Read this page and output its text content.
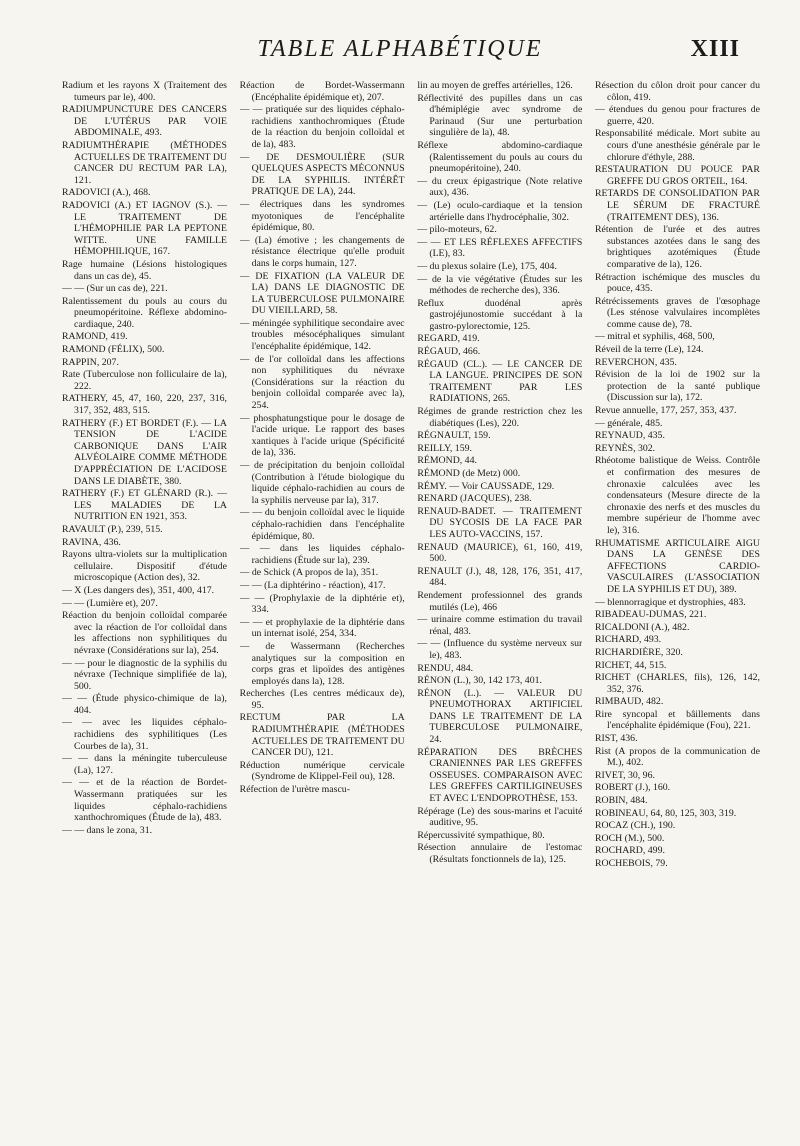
TABLE ALPHABÉTIQUE	XIII

Radium et les rayons X (Traitement des tumeurs par le), 400.

RADIUMPUNCTURE DES CANCERS DE L'UTÉRUS PAR VOIE ABDOMINALE, 493.

RADIUMTHÉRAPIE (MÉTHODES ACTUELLES DE TRAITEMENT DU CANCER DU RECTUM PAR LA), 121.

RADOVICI (A.), 468.

RADOVICI (A.) ET IAGNOV (S.). — LE TRAITEMENT DE L'HÉMOPHILIE PAR LA PEPTONE WITTE. UNE FAMILLE HÉMOPHILIQUE, 167.

Rage humaine (Lésions histologiques dans un cas de), 45.

— — (Sur un cas de), 221.

Ralentissement du pouls au cours du pneumopéritoine. Réflexe abdomino-cardiaque, 240.

RAMOND, 419.

RAMOND (FÉLIX), 500.

RAPPIN, 207.

Rate (Tuberculose non folliculaire de la), 222.

RATHERY, 45, 47, 160, 220, 237, 316, 317, 352, 483, 515.

RATHERY (F.) ET BORDET (F.). — LA TENSION DE L'ACIDE CARBONIQUE DANS L'AIR ALVÉOLAIRE COMME MÉTHODE D'APPRÉCIATION DE L'ACIDOSE DANS LE DIABÈTE, 380.

RATHERY (F.) ET GLÉNARD (R.). — LES MALADIES DE LA NUTRITION EN 1921, 353.

RAVAULT (P.), 239, 515.

RAVINA, 436.

Rayons ultra-violets sur la multiplication cellulaire. Dispositif d'étude microscopique (Action des), 32.

— X (Les dangers des), 351, 400, 417.

— — (Lumière et), 207.

Réaction du benjoin colloïdal comparée avec la réaction de l'or colloïdal dans les affections non syphilitiques du névraxe (Considérations sur la), 254.

— — pour le diagnostic de la syphilis du névraxe (Technique simplifiée de la), 500.

— — (Étude physico-chimique de la), 404.

— — avec les liquides céphalo-rachidiens des syphilitiques (Les Courbes de la), 31.

— — dans la méningite tuberculeuse (La), 127.

— — et de la réaction de Bordet-Wassermann pratiquées sur les liquides céphalo-rachidiens xanthochromiques (Étude de la), 483.

— — dans le zona, 31.

Réaction de Bordet-Wassermann (Encéphalite épidémique et), 207.

— — pratiquée sur des liquides céphalo-rachidiens xanthochromiques (Étude de la réaction du benjoin colloïdal et de la), 483.

— DE DESMOULIÈRE (SUR QUELQUES ASPECTS MÉCONNUS DE LA SYPHILIS. INTÉRÊT PRATIQUE DE LA), 244.

— électriques dans les syndromes myotoniques de l'encéphalite épidémique, 80.

— (La) émotive ; les changements de résistance électrique qu'elle produit dans le corps humain, 127.

— DE FIXATION (LA VALEUR DE LA) DANS LE DIAGNOSTIC DE LA TUBERCULOSE PULMONAIRE DU VIEILLARD, 58.

— méningée syphilitique secondaire avec troubles mésocéphaliques simulant l'encéphalite épidémique, 142.

— de l'or colloïdal dans les affections non syphilitiques du névraxe (Considérations sur la réaction du benjoin colloïdal comparée avec la), 254.

— phosphatungstique pour le dosage de l'acide urique. Le rapport des bases xantiques à l'acide urique (Spécificité de la), 336.

— de précipitation du benjoin colloïdal (Contribution à l'étude biologique du liquide céphalo-rachidien au cours de la syphilis nerveuse par la), 317.

— — du benjoin colloïdal avec le liquide céphalo-rachidien dans l'encéphalite épidémique, 80.

— — dans les liquides céphalo-rachidiens (Étude sur la), 239.

— de Schick (A propos de la), 351.

— — (La diphtérino - réaction), 417.

— — (Prophylaxie de la diphtérie et), 334.

— — et prophylaxie de la diphtérie dans un internat isolé, 254, 334.

— de Wassermann (Recherches analytiques sur la composition en corps gras et lipoïdes des antigènes employés dans la), 128.

Recherches (Les centres médicaux de), 95.

RECTUM PAR LA RADIUMTHÉRAPIE (MÉTHODES ACTUELLES DE TRAITEMENT DU CANCER DU), 121.

Réduction numérique cervicale (Syndrome de Klippel-Feil ou), 128.

Réfection de l'urètre mascu-

lin au moyen de greffes artérielles, 126.

Réflectivité des pupilles dans un cas d'hémiplégie avec syndrome de Parinaud (Sur une perturbation singulière de la), 48.

Réflexe abdomino-cardiaque (Ralentissement du pouls au cours du pneumopéritoine), 240.

— du creux épigastrique (Note relative aux), 436.

— (Le) oculo-cardiaque et la tension artérielle dans l'hydrocéphalie, 302.

— pilo-moteurs, 62.

— — ET LES RÉFLEXES AFFECTIFS (LE), 83.

— du plexus solaire (Le), 175, 404.

— de la vie végétative (Études sur les méthodes de recherche des), 336.

Reflux duodénal après gastrojéjunostomie succédant à la gastro-pylorectomie, 125.

REGARD, 419.

RÉGAUD, 466.

RÉGAUD (CL.). — LE CANCER DE LA LANGUE. PRINCIPES DE SON TRAITEMENT PAR LES RADIATIONS, 265.

Régimes de grande restriction chez les diabétiques (Les), 220.

RÉGNAULT, 159.

REILLY, 159.

RÉMOND, 44.

RÉMOND (de Metz) 000.

RÉMY. — Voir CAUSSADE, 129.

RENARD (JACQUES), 238.

RENAUD-BADET. — TRAITEMENT DU SYCOSIS DE LA FACE PAR LES AUTO-VACCINS, 157.

RENAUD (MAURICE), 61, 160, 419, 500.

RENAULT (J.), 48, 128, 176, 351, 417, 484.

Rendement professionnel des grands mutilés (Le), 466

— urinaire comme estimation du travail rénal, 483.

— — (Influence du système nerveux sur le), 483.

RENDU, 484.

RÉNON (L.), 30, 142 173, 401.

RÉNON (L.). — VALEUR DU PNEUMOTHORAX ARTIFICIEL DANS LE TRAITEMENT DE LA TUBERCULOSE PULMONAIRE, 24.

RÉPARATION DES BRÈCHES CRANIENNES PAR LES GREFFES OSSEUSES. COMPARAISON AVEC LES GREFFES CARTILIGINEUSES ET AVEC L'ENDOPROTHÈSE, 153.

Répérage (Le) des sous-marins et l'acuité auditive, 95.

Répercussivité sympathique, 80.

Résection annulaire de l'estomac (Résultats fonctionnels de la), 125.

Résection du côlon droit pour cancer du côlon, 419.

— étendues du genou pour fractures de guerre, 420.

Responsabilité médicale. Mort subite au cours d'une anesthésie générale par le chlorure d'éthyle, 288.

RESTAURATION DU POUCE PAR GREFFE DU GROS ORTEIL, 164.

RETARDS DE CONSOLIDATION PAR LE SÉRUM DE FRACTURÉ (TRAITEMENT DES), 136.

Rétention de l'urée et des autres substances azotées dans le sang des brightiques azotémiques (Étude comparative de la), 126.

Rétraction ischémique des muscles du pouce, 435.

Rétrécissements graves de l'œsophage (Les sténose valvulaires incomplètes comme cause de), 78.

— mitral et syphilis, 468, 500,

Réveil de la terre (Le), 124.

REVERCHON, 435.

Révision de la loi de 1902 sur la protection de la santé publique (Discussion sur la), 172.

Revue annuelle, 177, 257, 353, 437.

— générale, 485.

REYNAUD, 435.

REYNÈS, 302.

Rhéotome balistique de Weiss. Contrôle et confirmation des mesures de chronaxie calculées avec les condensateurs (Mesure directe de la chronaxie des nerfs et des muscles du membre supérieur de l'homme avec le), 316.

RHUMATISME ARTICULAIRE AIGU DANS LA GENÈSE DES AFFECTIONS CARDIO-VASCULAIRES (L'ASSOCIATION DE LA SYPHILIS ET DU), 389.

— blennorragique et dystrophies, 483.

RIBADEAU-DUMAS, 221.

RICALDONI (A.), 482.

RICHARD, 493.

RICHARDIÈRE, 320.

RICHET, 44, 515.

RICHET (CHARLES, fils), 126, 142, 352, 376.

RIMBAUD, 482.

Rire syncopal et bâillements dans l'encéphalite épidémique (Fou), 221.

RIST, 436.

Rist (A propos de la communication de M.), 402.

RIVET, 30, 96.

ROBERT (J.), 160.

ROBIN, 484.

ROBINEAU, 64, 80, 125, 303, 319.

ROCAZ (CH.), 190.

ROCH (M.), 500.

ROCHARD, 499.

ROCHEBOIS, 79.
